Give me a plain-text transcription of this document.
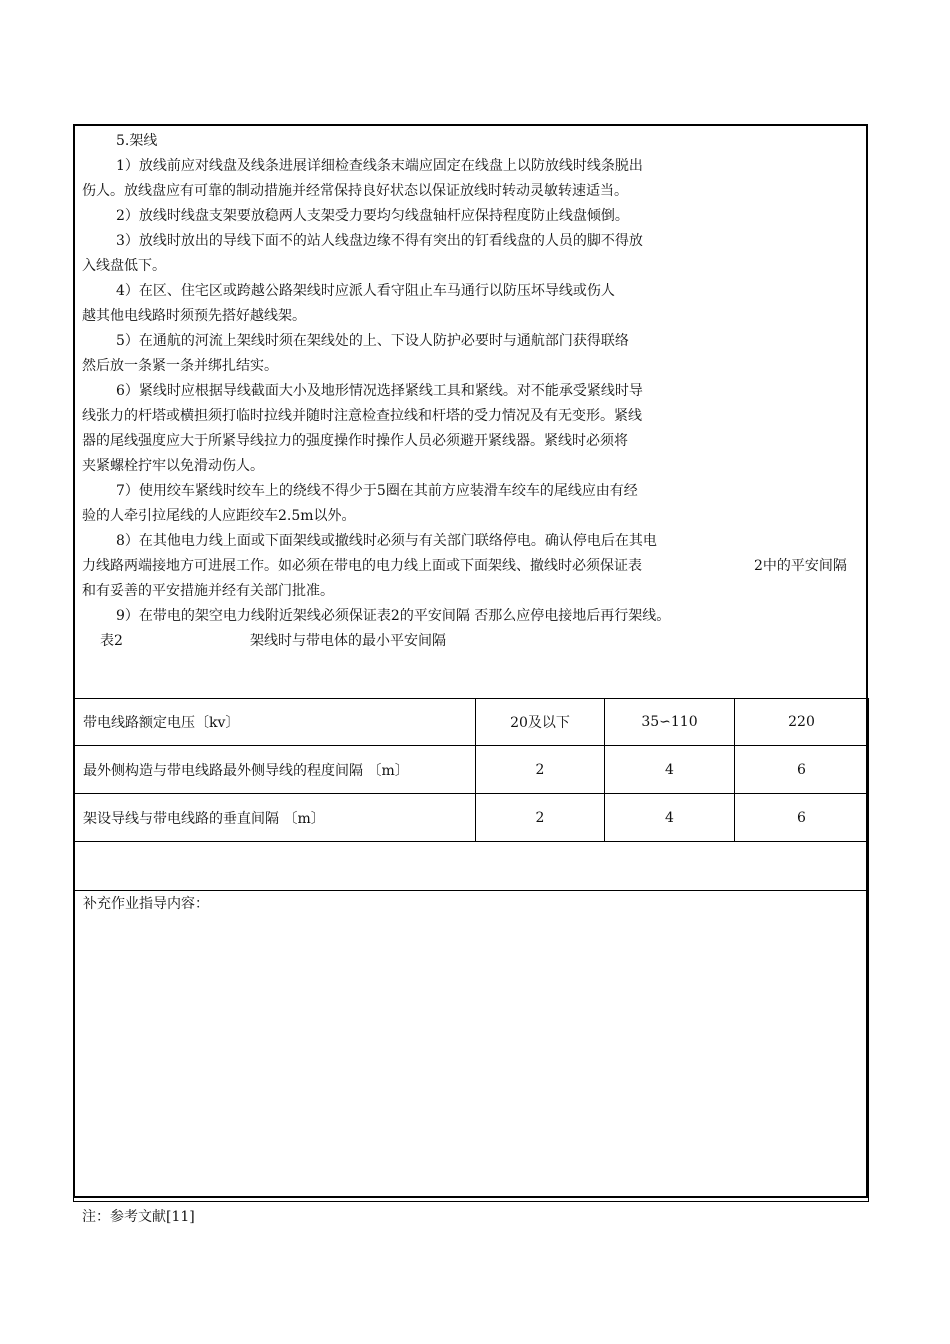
5.架线
1）放线前应对线盘及线条进展详细检查线条末端应固定在线盘上以防放线时线条脱出
伤人。放线盘应有可靠的制动措施并经常保持良好状态以保证放线时转动灵敏转速适当。
2）放线时线盘支架要放稳两人支架受力要均匀线盘轴杆应保持程度防止线盘倾倒。
3）放线时放出的导线下面不的站人线盘边缘不得有突出的钉看线盘的人员的脚不得放
入线盘低下。
4）在区、住宅区或跨越公路架线时应派人看守阻止车马通行以防压坏导线或伤人
越其他电线路时须预先搭好越线架。
5）在通航的河流上架线时须在架线处的上、下设人防护必要时与通航部门获得联络
然后放一条紧一条并绑扎结实。
6）紧线时应根据导线截面大小及地形情况选择紧线工具和紧线。对不能承受紧线时导
线张力的杆塔或横担须打临时拉线并随时注意检查拉线和杆塔的受力情况及有无变形。紧线
器的尾线强度应大于所紧导线拉力的强度操作时操作人员必须避开紧线器。紧线时必须将
夹紧螺栓拧牢以免滑动伤人。
7）使用绞车紧线时绞车上的绕线不得少于5圈在其前方应装滑车绞车的尾线应由有经
验的人牵引拉尾线的人应距绞车2.5m以外。
8）在其他电力线上面或下面架线或撤线时必须与有关部门联络停电。确认停电后在其电
力线路两端接地方可进展工作。如必须在带电的电力线上面或下面架线、撤线时必须保证表	2中的平安间隔
和有妥善的平安措施并经有关部门批准。
9）在带电的架空电力线附近架线必须保证表2的平安间隔 否那么应停电接地后再行架线。
表2	架线时与带电体的最小平安间隔
带电线路额定电压〔kv〕	20及以下	35∽110	220
最外侧构造与带电线路最外侧导线的程度间隔 〔m〕	2	4	6
架设导线与带电线路的垂直间隔 〔m〕	2	4	6

补充作业指导内容：			
注：参考文献[11]
